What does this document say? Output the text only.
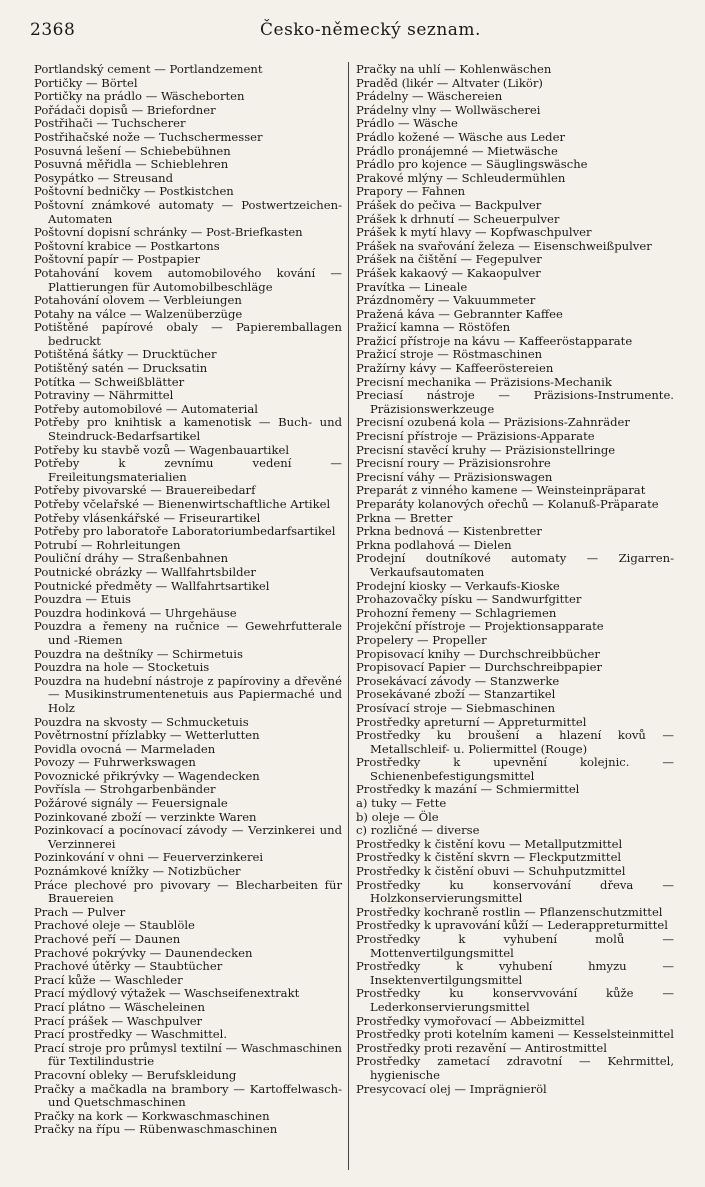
2368	Česko-německý seznam.
Portlandský cement — Portlandzement
Portičky — Börtel
Portičky na prádlo — Wäscheborten
Pořádači dopisů — Briefordner
Postřihači — Tuchscherer
Postřihačské nože — Tuchschermesser
Posuvná lešení — Schiebebühnen
Posuvná měřidla — Schieblehren
Posypátko — Streusand
Poštovní bedničky — Postkistchen
Poštovní známkové automaty — Postwertzeichen-Automaten
Poštovní dopisní schránky — Post-Briefkasten
Poštovní krabice — Postkartons
Poštovní papír — Postpapier
Potahování kovem automobilového kování — Plattierungen für Automobilbeschläge
Potahování olovem — Verbleiungen
Potahy na válce — Walzenüberzüge
Potištěné papírové obaly — Papieremballagen bedruckt
Potištěná šátky — Drucktücher
Potištěný satén — Drucksatin
Potítka — Schweißblätter
Potraviny — Nährmittel
Potřeby automobilové — Automaterial
Potřeby pro knihtisk a kamenotisk — Buch- und Steindruck-Bedarfsartikel
Potřeby ku stavbě vozů — Wagenbauartikel
Potřeby k zevnímu vedení — Freileitungsmaterialien
Potřeby pivovarské — Brauereibedarf
Potřeby včelařské — Bienenwirtschaftliche Artikel
Potřeby vlásenkářské — Friseurartikel
Potřeby pro laboratoře Laboratoriumbedarfsartikel
Potrubí — Rohrleitungen
Pouliční dráhy — Straßenbahnen
Poutnické obrázky — Wallfahrtsbilder
Poutnické předměty — Wallfahrtsartikel
Pouzdra — Etuis
Pouzdra hodinková — Uhrgehäuse
Pouzdra a řemeny na ručnice — Gewehrfutterale und -Riemen
Pouzdra na deštníky — Schirmetuis
Pouzdra na hole — Stocketuis
Pouzdra na hudební nástroje z papíroviny a dřevěné — Musikinstrumentenetuis aus Papiermaché und Holz
Pouzdra na skvosty — Schmucketuis
Povětrnostní přízlabky — Wetterlutten
Povidla ovocná — Marmeladen
Povozy — Fuhrwerkswagen
Povoznické přikrývky — Wagendecken
Povřísla — Strohgarbenbänder
Požárové signály — Feuersignale
Pozinkované zboží — verzinkte Waren
Pozinkovací a pocínovací závody — Verzinkerei und Verzinnerei
Pozinkování v ohni — Feuerverzinkerei
Poznámkové knížky — Notizbücher
Práce plechové pro pivovary — Blecharbeiten für Brauereien
Prach — Pulver
Prachové oleje — Staublöle
Prachové peří — Daunen
Prachové pokrývky — Daunendecken
Prachové útěrky — Staubtücher
Prací kůže — Waschleder
Prací mýdlový výtažek — Waschseifenextrakt
Prací plátno — Wäscheleinen
Prací prášek — Waschpulver
Prací prostředky — Waschmittel.
Prací stroje pro průmysl textilní — Waschmaschinen für Textilindustrie
Pracovní obleky — Berufskleidung
Pračky a mačkadla na brambory — Kartoffelwasch- und Quetschmaschinen
Pračky na kork — Korkwaschmaschinen
Pračky na řípu — Rübenwaschmaschinen
Pračky na uhlí — Kohlenwäschen
Praděd (likér — Altvater (Likör)
Prádelny — Wäschereien
Prádelny vlny — Wollwäscherei
Prádlo — Wäsche
Prádlo kožené — Wäsche aus Leder
Prádlo pronájemné — Mietwäsche
Prádlo pro kojence — Säuglingswäsche
Prakové mlýny — Schleudermühlen
Prapory — Fahnen
Prášek do pečiva — Backpulver
Prášek k drhnutí — Scheuerpulver
Prášek k mytí hlavy — Kopfwaschpulver
Prášek na svařování železa — Eisenschweißpulver
Prášek na čištění — Fegepulver
Prášek kakaový — Kakaopulver
Pravítka — Lineale
Prázdnoměry — Vakuummeter
Pražená káva — Gebrannter Kaffee
Pražicí kamna — Röstöfen
Pražicí přístroje na kávu — Kaffeeröstapparate
Pražicí stroje — Röstmaschinen
Pražírny kávy — Kaffeeröstereien
Precisní mechanika — Präzisions-Mechanik
Preciasí nástroje — Präzisions-Instrumente. Präzisionswerkzeuge
Precisní ozubená kola — Präzisions-Zahnräder
Precisní přístroje — Präzisions-Apparate
Precisní stavěcí kruhy — Präzisionstellringe
Precisní roury — Präzisionsrohre
Precisní váhy — Präzisionswagen
Preparát z vinného kamene — Weinsteinpräparat
Preparáty kolanových ořechů — Kolanuß-Präparate
Prkna — Bretter
Prkna bednová — Kistenbretter
Prkna podlahová — Dielen
Prodejní doutníkové automaty — Zigarren-Verkaufsautomaten
Prodejní kiosky — Verkaufs-Kioske
Prohazovačky písku — Sandwurfgitter
Prohozní řemeny — Schlagriemen
Projekční přístroje — Projektionsapparate
Propelery — Propeller
Propisovací knihy — Durchschreibbücher
Propisovací Papier — Durchschreibpapier
Prosekávací závody — Stanzwerke
Prosekávané zboží — Stanzartikel
Prosívací stroje — Siebmaschinen
Prostředky apreturní — Appreturmittel
Prostředky ku broušení a hlazení kovů — Metallschleif- u. Poliermittel (Rouge)
Prostředky k upevnění kolejnic. — Schienenbefestigungsmittel
Prostředky k mazání — Schmiermittel
a) tuky — Fette
b) oleje — Öle
c) rozličné — diverse
Prostředky k čistění kovu — Metallputzmittel
Prostředky k čistění skvrn — Fleckputzmittel
Prostředky k čistění obuvi — Schuhputzmittel
Prostředky ku konservování dřeva — Holzkonservierungsmittel
Prostředky kochraně rostlin — Pflanzenschutzmittel
Prostředky k upravování kůží — Lederappreturmittel
Prostředky k vyhubení molů — Mottenvertilgungsmittel
Prostředky k vyhubení hmyzu — Insektenvertilgungsmittel
Prostředky ku konservvování kůže — Lederkonservierungsmittel
Prostředky vymořovací — Abbeizmittel
Prostředky proti kotelním kameni — Kesselsteinmittel
Prostředky proti rezavění — Antirostmittel
Prostředky zametací zdravotní — Kehrmittel, hygienische
Presycovací olej — Imprägnieröl
